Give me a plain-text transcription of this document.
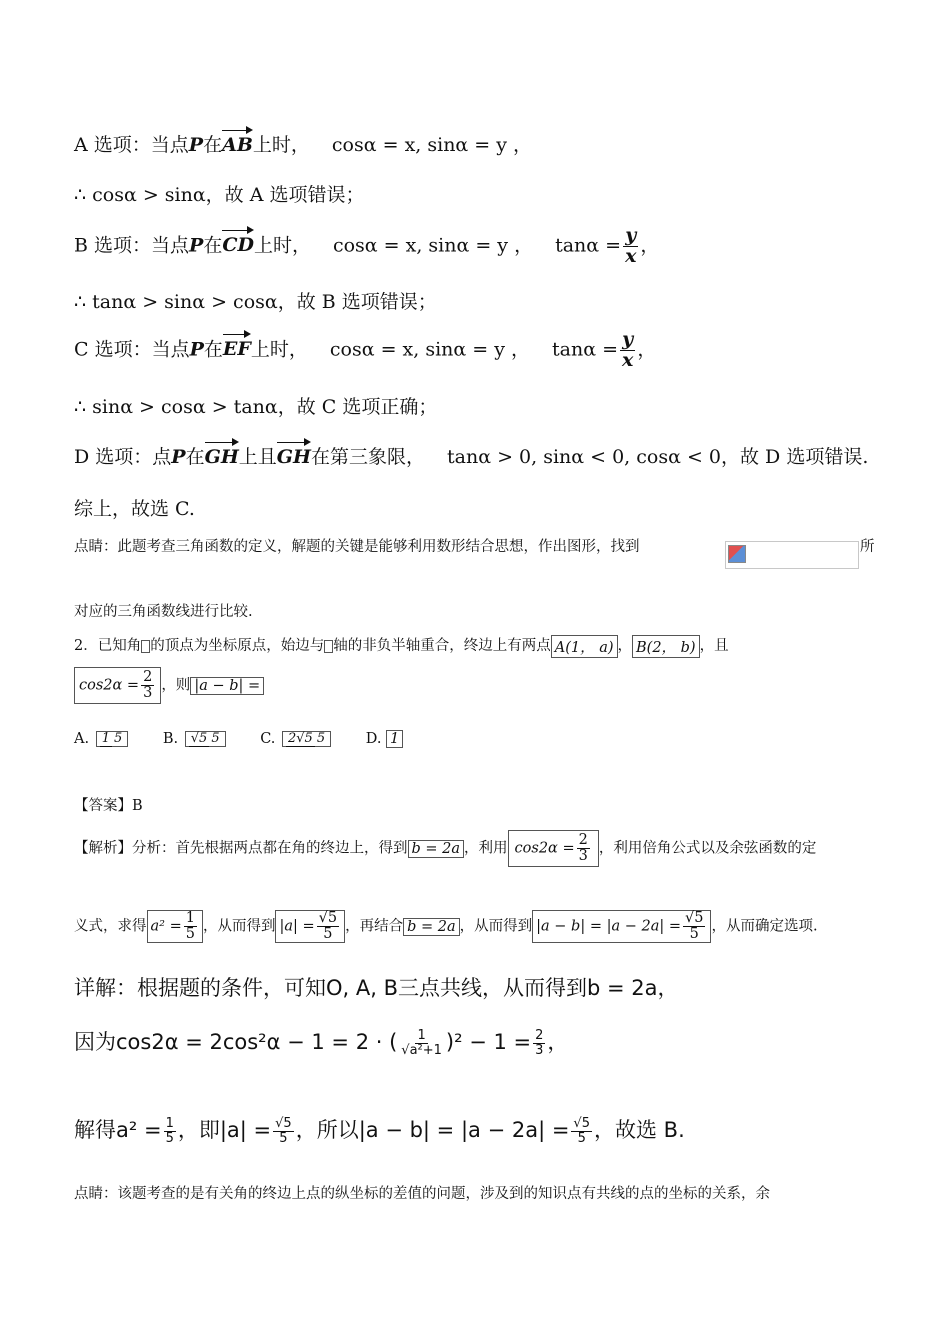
A 选项：当点P在AB上时， cosα = x, sinα = y ，
∴ cosα > sinα，故 A 选项错误；
B 选项：当点P在CD上时， cosα = x, sinα = y ， $\tan\alpha = \frac{y}{x}$ ，
∴ tanα > sinα > cosα，故 B 选项错误；
C 选项：当点P在EF上时， cosα = x, sinα = y ， $\tan\alpha = \frac{y}{x}$ ，
∴ sinα > cosα > tanα，故 C 选项正确；
D 选项：点P在GH上且GH在第三象限， tanα > 0, sinα < 0, cosα < 0，故 D 选项错误.
综上，故选 C.
点睛：此题考查三角函数的定义，解题的关键是能够利用数形结合思想，作出图形，找到	所
对应的三角函数线进行比较.
2．已知角 的顶点为坐标原点，始边与 轴的非负半轴重合，终边上有两点 A(1， a) ， B(2， b) ，且
$\cos 2\alpha = \frac{2}{3}$ ，则 |a − b| =
A. 1 5	B. √5 5	C. 2√5 5	D. 1
【答案】B
【解析】分析：首先根据两点都在角的终边上，得到 b = 2a ，利用 $\cos 2\alpha = \frac{2}{3}$ ，利用倍角公式以及余弦函数的定
义式，求得 $a^2 = \frac{1}{5}$ ，从而得到 $|a| = \frac{√5}{5}$ ，再结合 b = 2a ，从而得到 $|a - b| = |a - 2a| = \frac{√5}{5}$ ，从而确定选项.
详解：根据题的条件，可知O, A, B三点共线，从而得到b = 2a，
因为cos2α = 2cos²α − 1 = 2 · ( $\frac{1}{\text{√a²+1}} )^2 - 1 = \frac{2}{3}$ ，
解得$a^2 = \frac{1}{5}$ ，即$|a| = \frac{√5}{5}$ ，所以$|a - b| = |a - 2a| = \frac{√5}{5}$ ，故选 B.
点睛：该题考查的是有关角的终边上点的纵坐标的差值的问题，涉及到的知识点有共线的点的坐标的关系，余
